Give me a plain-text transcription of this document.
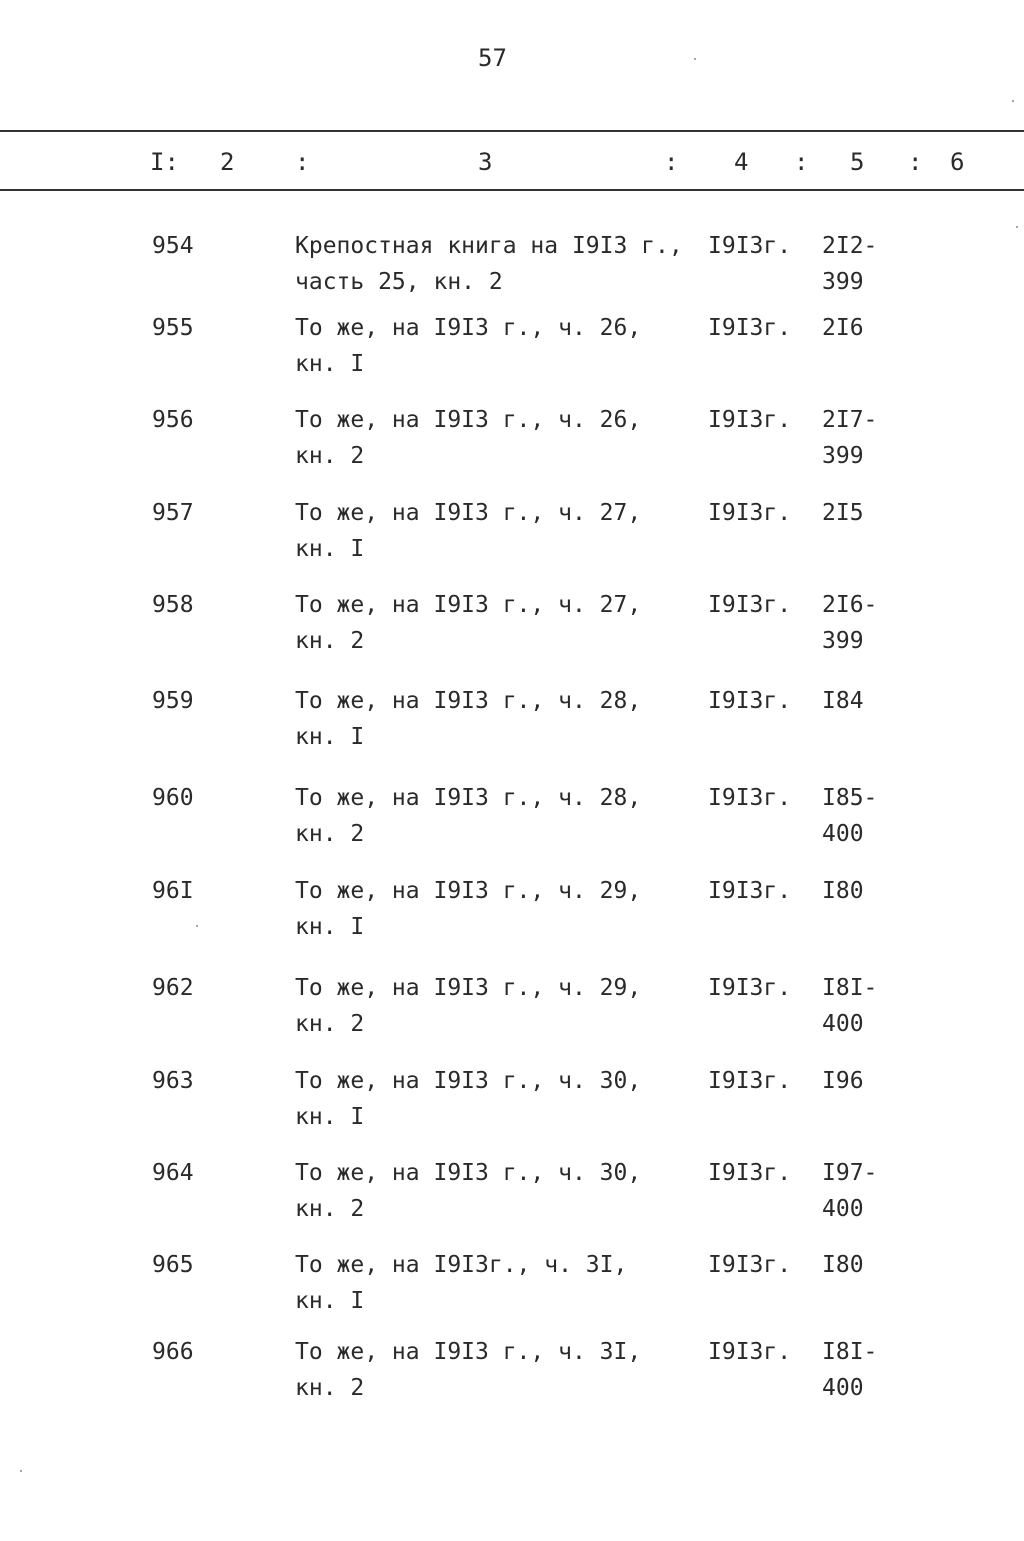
57
I: 2	:	3	: 4 : 5 : 6
954	Крепостная книга на I9I3 г.,
часть 25, кн. 2
I9I3г. 2I2-
399
955	То же, на I9I3 г., ч. 26,
кн. I
I9I3г. 2I6
956	То же, на I9I3 г., ч. 26,
кн. 2
I9I3г. 2I7-
399
957	То же, на I9I3 г., ч. 27,
кн. I
I9I3г. 2I5
958	То же, на I9I3 г., ч. 27,
кн. 2
I9I3г. 2I6-
399
959	То же, на I9I3 г., ч. 28,
кн. I
I9I3г. I84
960	То же, на I9I3 г., ч. 28,
кн. 2
I9I3г. I85-
400
96I	То же, на I9I3 г., ч. 29,
кн. I
I9I3г. I80
962	То же, на I9I3 г., ч. 29,
кн. 2
I9I3г. I8I-
400
963	То же, на I9I3 г., ч. 30,
кн. I
I9I3г. I96
964	То же, на I9I3 г., ч. 30,
кн. 2
I9I3г. I97-
400
965	То же, на I9I3г., ч. 3I,
кн. I
I9I3г. I80
966	То же, на I9I3 г., ч. 3I,
кн. 2
I9I3г. I8I-
400
